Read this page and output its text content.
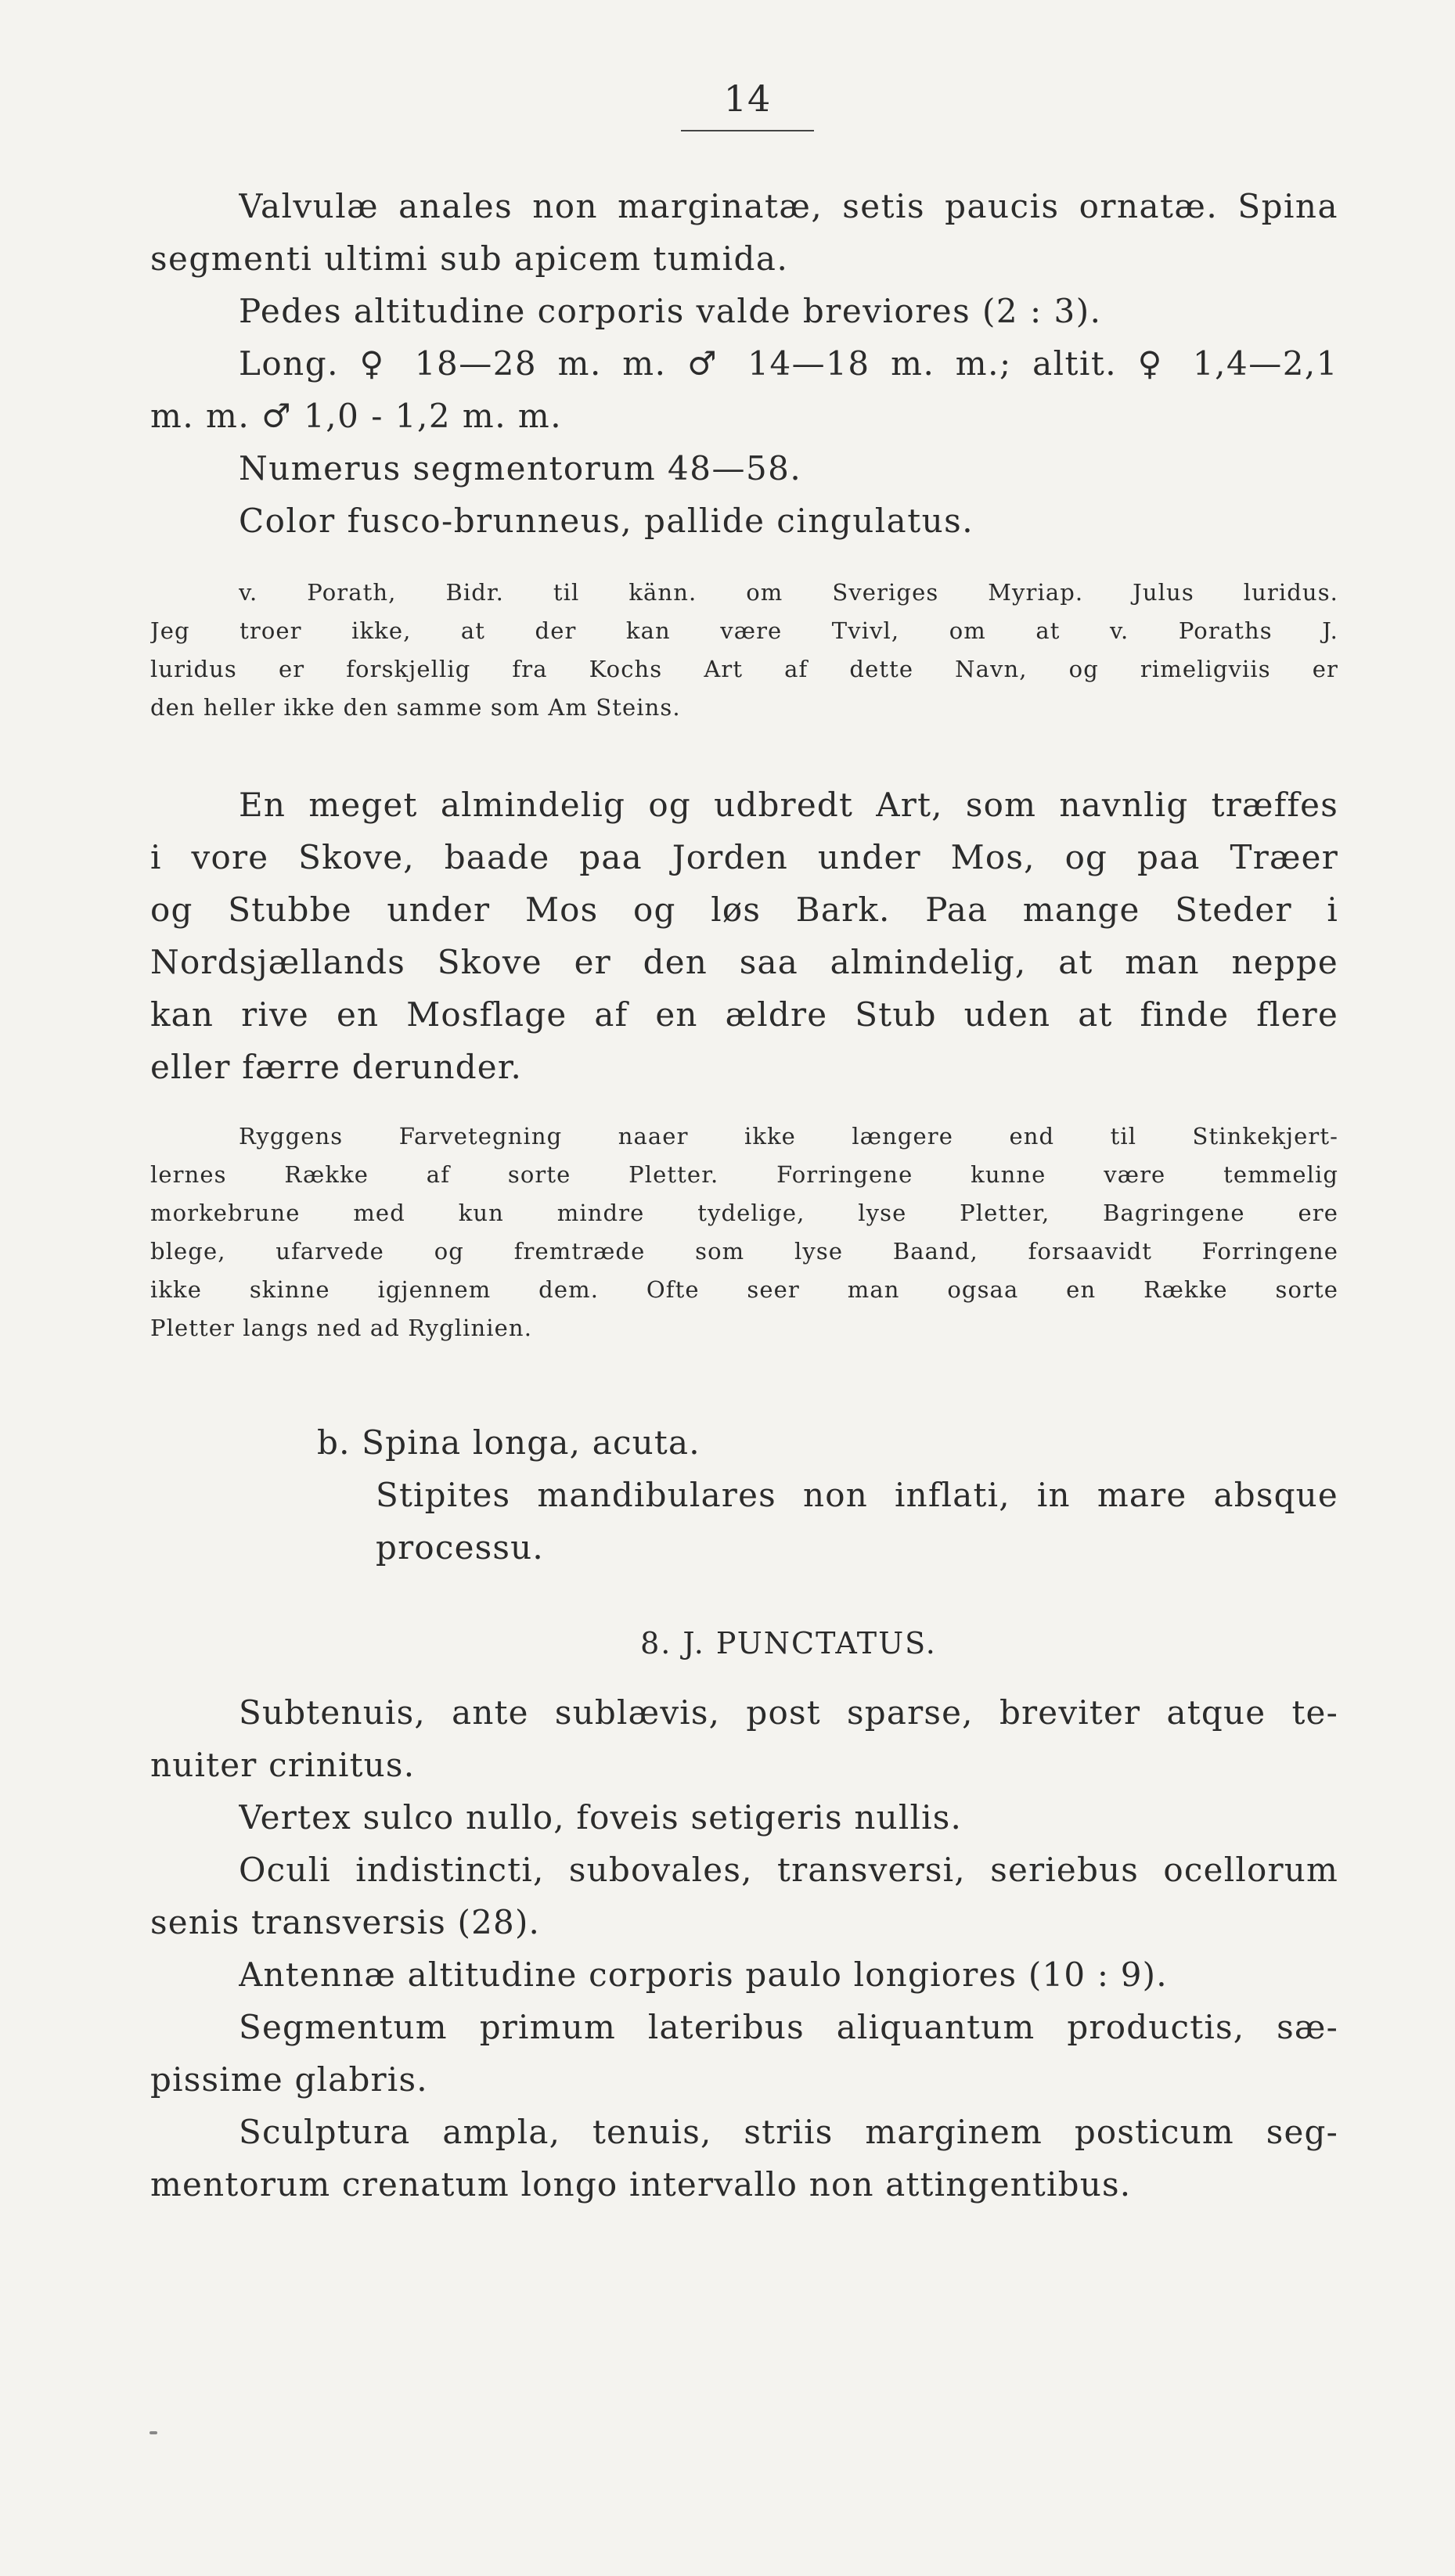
14
Valvulæ anales non marginatæ, setis paucis ornatæ. Spina
segmenti ultimi sub apicem tumida.
Pedes altitudine corporis valde breviores (2 : 3).
Long. ♀ 18—28 m. m. ♂ 14—18 m. m.; altit. ♀ 1,4—2,1
m. m. ♂ 1,0 - 1,2 m. m.
Numerus segmentorum 48—58.
Color fusco-brunneus, pallide cingulatus.
v. Porath, Bidr. til känn. om Sveriges Myriap. Julus luridus.
Jeg troer ikke, at der kan være Tvivl, om at v. Poraths J.
luridus er forskjellig fra Kochs Art af dette Navn, og rimeligviis er
den heller ikke den samme som Am Steins.
En meget almindelig og udbredt Art, som navnlig træffes
i vore Skove, baade paa Jorden under Mos, og paa Træer
og Stubbe under Mos og løs Bark. Paa mange Steder i
Nordsjællands Skove er den saa almindelig, at man neppe
kan rive en Mosflage af en ældre Stub uden at finde flere
eller færre derunder.
Ryggens Farvetegning naaer ikke længere end til Stinkekjert-
lernes Række af sorte Pletter. Forringene kunne være temmelig
morkebrune med kun mindre tydelige, lyse Pletter, Bagringene ere
blege, ufarvede og fremtræde som lyse Baand, forsaavidt Forringene
ikke skinne igjennem dem. Ofte seer man ogsaa en Række sorte
Pletter langs ned ad Ryglinien.
b. Spina longa, acuta.
Stipites mandibulares non inflati, in mare absque
processu.
8. J. PUNCTATUS.
Subtenuis, ante sublævis, post sparse, breviter atque te-
nuiter crinitus.
Vertex sulco nullo, foveis setigeris nullis.
Oculi indistincti, subovales, transversi, seriebus ocellorum
senis transversis (28).
Antennæ altitudine corporis paulo longiores (10 : 9).
Segmentum primum lateribus aliquantum productis, sæ-
pissime glabris.
Sculptura ampla, tenuis, striis marginem posticum seg-
mentorum crenatum longo intervallo non attingentibus.
